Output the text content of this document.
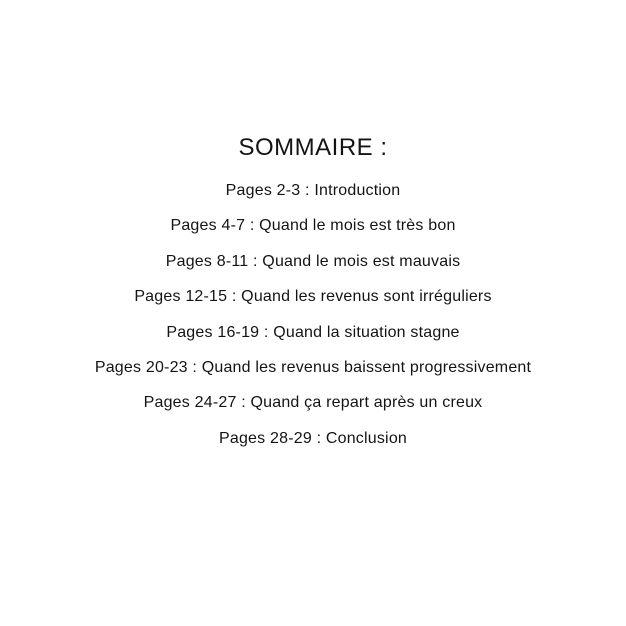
SOMMAIRE :

Pages 2-3 : Introduction

Pages 4-7 : Quand le mois est très bon

Pages 8-11 : Quand le mois est mauvais

Pages 12-15 : Quand les revenus sont irréguliers

Pages 16-19 : Quand la situation stagne

Pages 20-23 : Quand les revenus baissent progressivement

Pages 24-27 : Quand ça repart après un creux

Pages 28-29 : Conclusion
